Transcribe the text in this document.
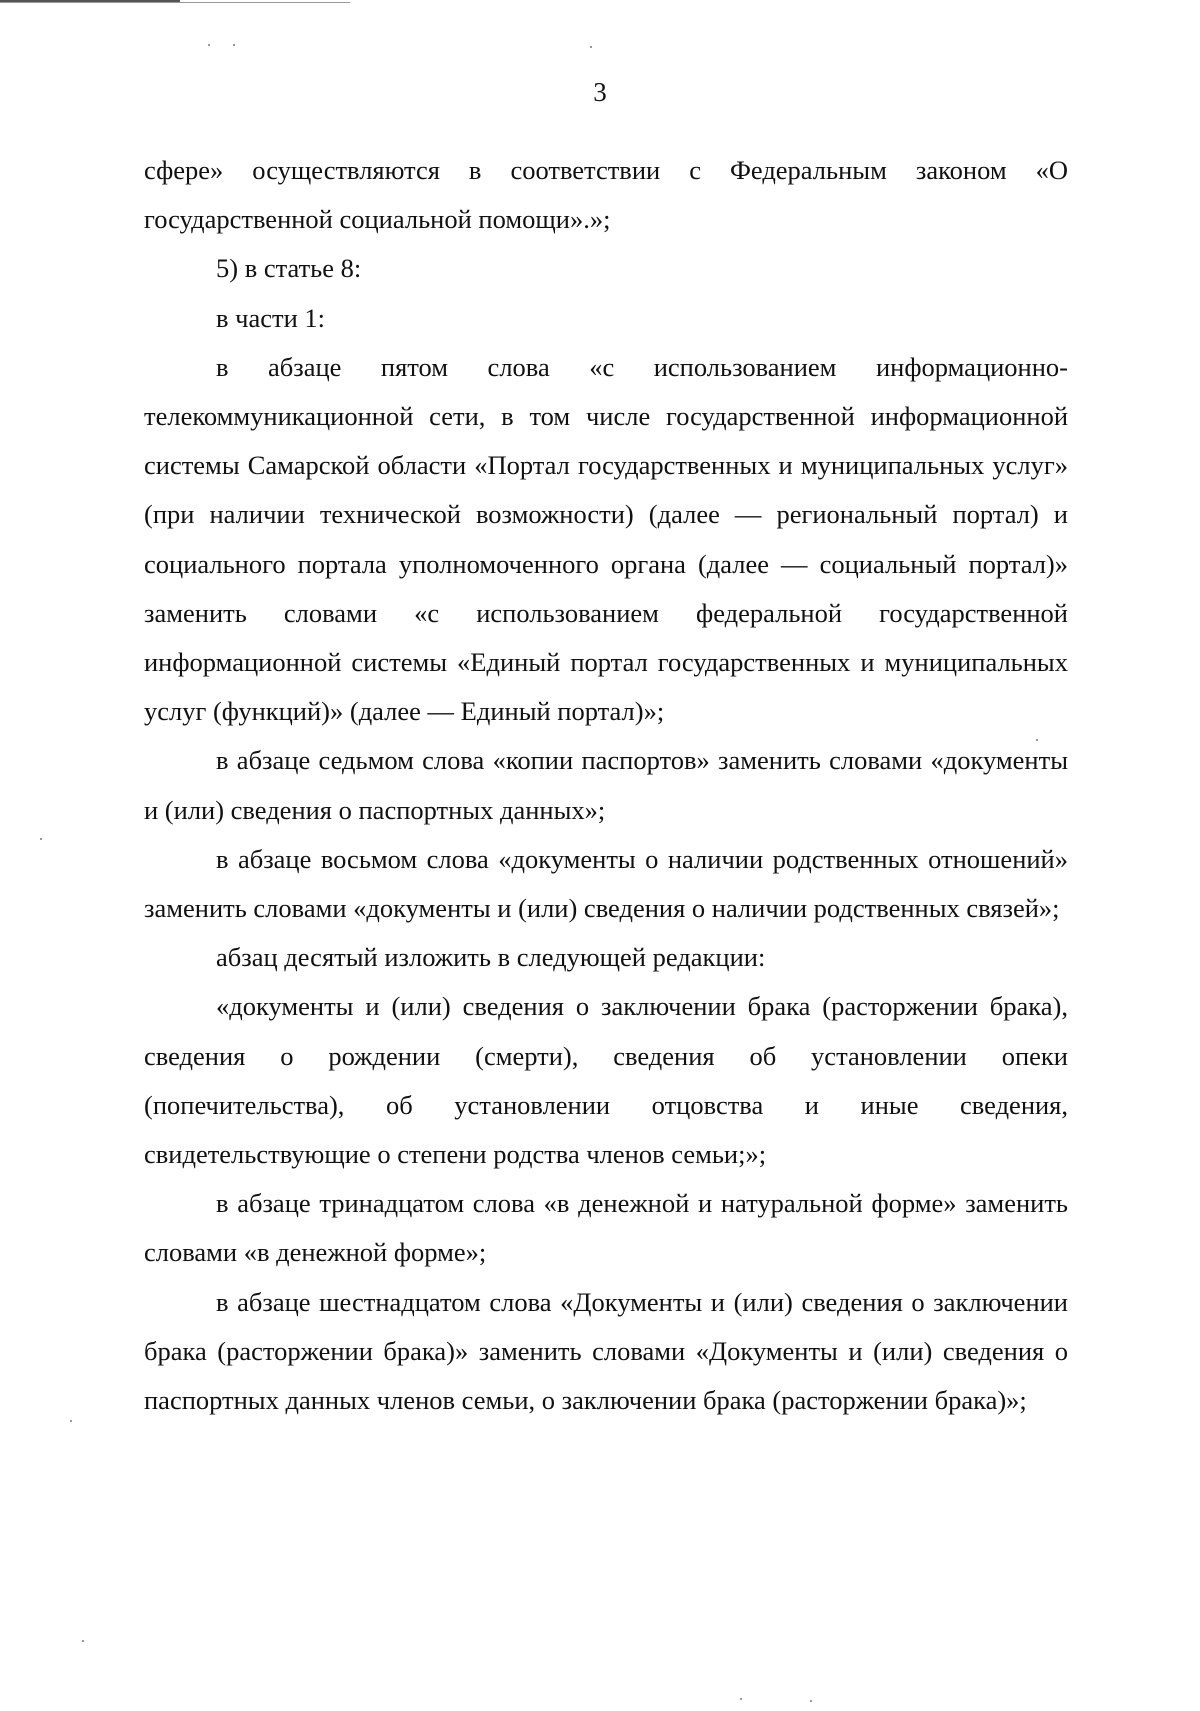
3

сфере» осуществляются в соответствии с Федеральным законом «О государственной социальной помощи».»;

5) в статье 8:

в части 1:

в абзаце пятом слова «с использованием информационно-телекоммуникационной сети, в том числе государственной информационной системы Самарской области «Портал государственных и муниципальных услуг» (при наличии технической возможности) (далее — региональный портал) и социального портала уполномоченного органа (далее — социальный портал)» заменить словами «с использованием федеральной государственной информационной системы «Единый портал государственных и муниципальных услуг (функций)» (далее — Единый портал)»;

в абзаце седьмом слова «копии паспортов» заменить словами «документы и (или) сведения о паспортных данных»;

в абзаце восьмом слова «документы о наличии родственных отношений» заменить словами «документы и (или) сведения о наличии родственных связей»;

абзац десятый изложить в следующей редакции:

«документы и (или) сведения о заключении брака (расторжении брака), сведения о рождении (смерти), сведения об установлении опеки (попечительства), об установлении отцовства и иные сведения, свидетельствующие о степени родства членов семьи;»;

в абзаце тринадцатом слова «в денежной и натуральной форме» заменить словами «в денежной форме»;

в абзаце шестнадцатом слова «Документы и (или) сведения о заключении брака (расторжении брака)» заменить словами «Документы и (или) сведения о паспортных данных членов семьи, о заключении брака (расторжении брака)»;
